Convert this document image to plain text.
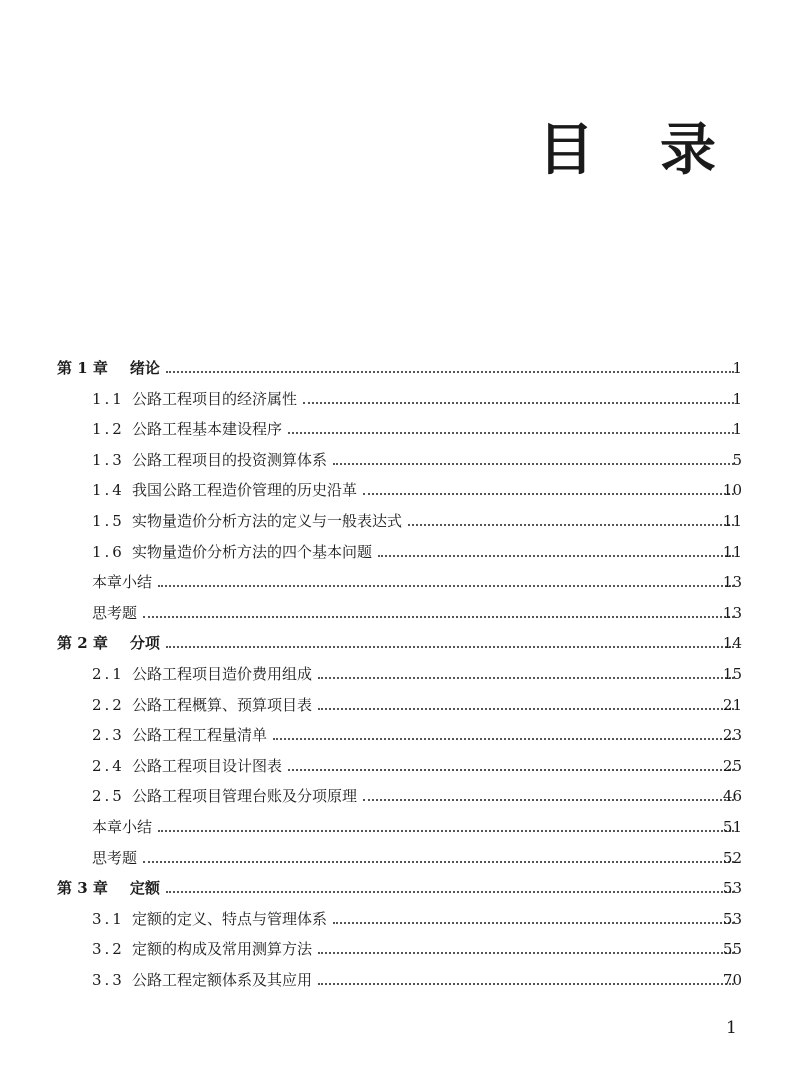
目 录
第 1 章 绪论	1
1.1 公路工程项目的经济属性	1
1.2 公路工程基本建设程序	1
1.3 公路工程项目的投资测算体系	5
1.4 我国公路工程造价管理的历史沿革	10
1.5 实物量造价分析方法的定义与一般表达式	11
1.6 实物量造价分析方法的四个基本问题	11
本章小结	13
思考题	13
第 2 章 分项	14
2.1 公路工程项目造价费用组成	15
2.2 公路工程概算、预算项目表	21
2.3 公路工程工程量清单	23
2.4 公路工程项目设计图表	25
2.5 公路工程项目管理台账及分项原理	46
本章小结	51
思考题	52
第 3 章 定额	53
3.1 定额的定义、特点与管理体系	53
3.2 定额的构成及常用测算方法	55
3.3 公路工程定额体系及其应用	70
1
